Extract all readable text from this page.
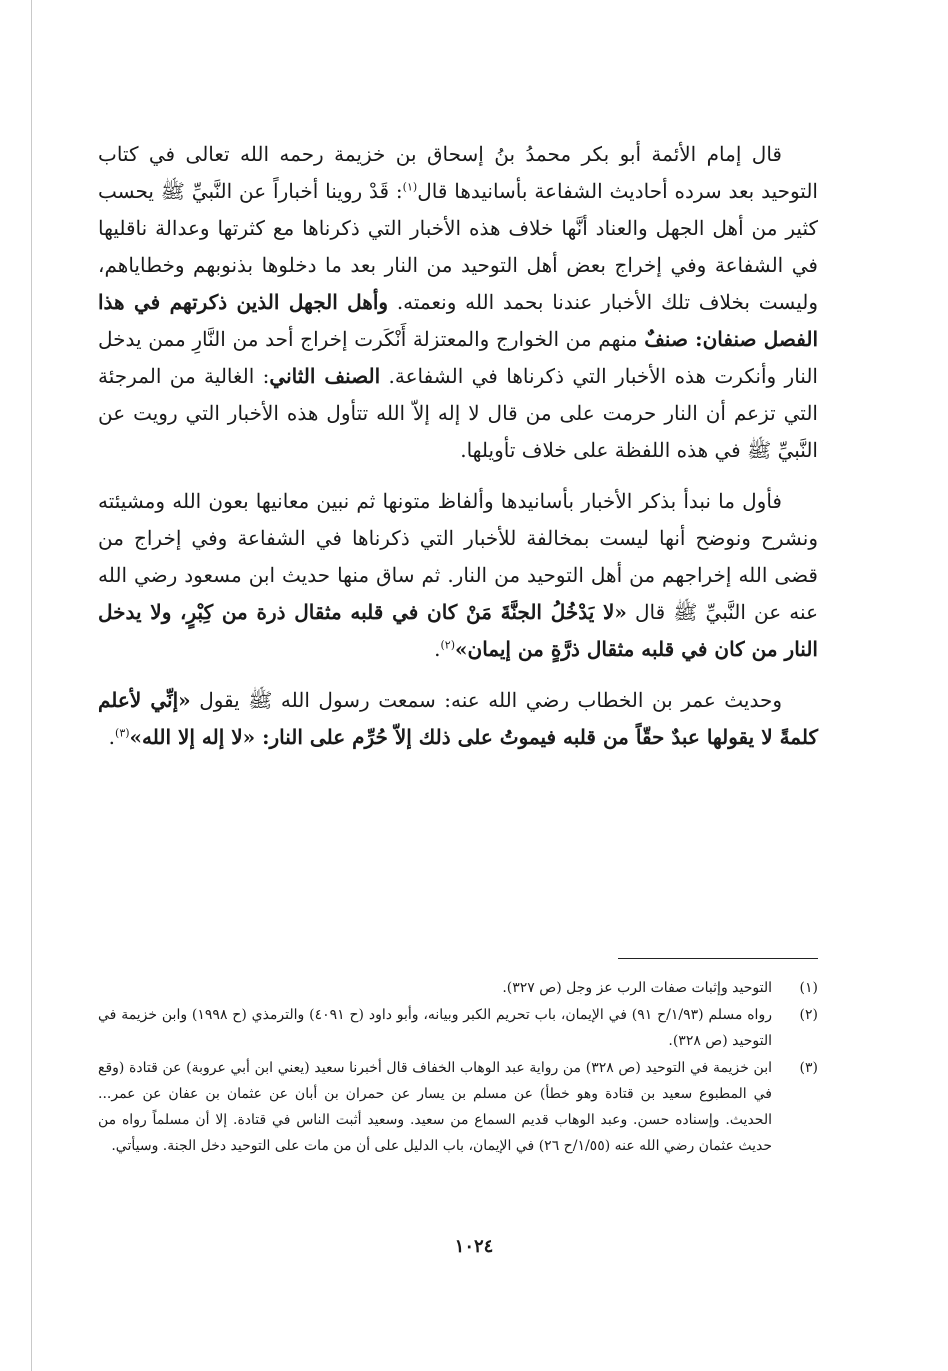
قال إمام الأئمة أبو بكر محمدُ بنُ إسحاق بن خزيمة رحمه الله تعالى في كتاب التوحيد بعد سرده أحاديث الشفاعة بأسانيدها قال$^{(١)}$: قَدْ روينا أخباراً عن النَّبيِّ ﷺ يحسب كثير من أهل الجهل والعناد أنَّها خلاف هذه الأخبار التي ذكرناها مع كثرتها وعدالة ناقليها في الشفاعة وفي إخراج بعض أهل التوحيد من النار بعد ما دخلوها بذنوبهم وخطاياهم، وليست بخلاف تلك الأخبار عندنا بحمد الله ونعمته. وأهل الجهل الذين ذكرتهم في هذا الفصل صنفان: صنفٌ منهم من الخوارج والمعتزلة أَنْكَرت إخراج أحد من النَّارِ ممن يدخل النار وأنكرت هذه الأخبار التي ذكرناها في الشفاعة. الصنف الثاني: الغالية من المرجئة التي تزعم أن النار حرمت على من قال لا إله إلاّ الله تتأول هذه الأخبار التي رويت عن النَّبيِّ ﷺ في هذه اللفظة على خلاف تأويلها.

فأول ما نبدأ بذكر الأخبار بأسانيدها وألفاظ متونها ثم نبين معانيها بعون الله ومشيئته ونشرح ونوضح أنها ليست بمخالفة للأخبار التي ذكرناها في الشفاعة وفي إخراج من قضى الله إخراجهم من أهل التوحيد من النار. ثم ساق منها حديث ابن مسعود رضي الله عنه عن النَّبيِّ ﷺ قال «لا يَدْخُلُ الجنَّةَ مَنْ كان في قلبه مثقال ذرة من كِبْرٍ، ولا يدخل النار من كان في قلبه مثقال ذرَّةٍ من إيمان»$^{(٢)}$.

وحديث عمر بن الخطاب رضي الله عنه: سمعت رسول الله ﷺ يقول «إنِّي لأعلم كلمةً لا يقولها عبدٌ حقّاً من قلبه فيموتُ على ذلك إلاّ حُرِّم على النار: «لا إله إلا الله»$^{(٣)}$.

(١)
التوحيد وإثبات صفات الرب عز وجل (ص ٣٢٧).
(٢)
رواه مسلم (١/٩٣/ح ٩١) في الإيمان، باب تحريم الكبر وبيانه، وأبو داود (ح ٤٠٩١) والترمذي (ح ١٩٩٨) وابن خزيمة في التوحيد (ص ٣٢٨).
(٣)
ابن خزيمة في التوحيد (ص ٣٢٨) من رواية عبد الوهاب الخفاف قال أخبرنا سعيد (يعني ابن أبي عروبة) عن قتادة (وقع في المطبوع سعيد بن قتادة وهو خطأ) عن مسلم بن يسار عن حمران بن أبان عن عثمان بن عفان عن عمر... الحديث. وإسناده حسن. وعبد الوهاب قديم السماع من سعيد. وسعيد أثبت الناس في قتادة. إلا أن مسلماً رواه من حديث عثمان رضي الله عنه (١/٥٥/ح ٢٦) في الإيمان، باب الدليل على أن من مات على التوحيد دخل الجنة. وسيأتي.
١٠٢٤
